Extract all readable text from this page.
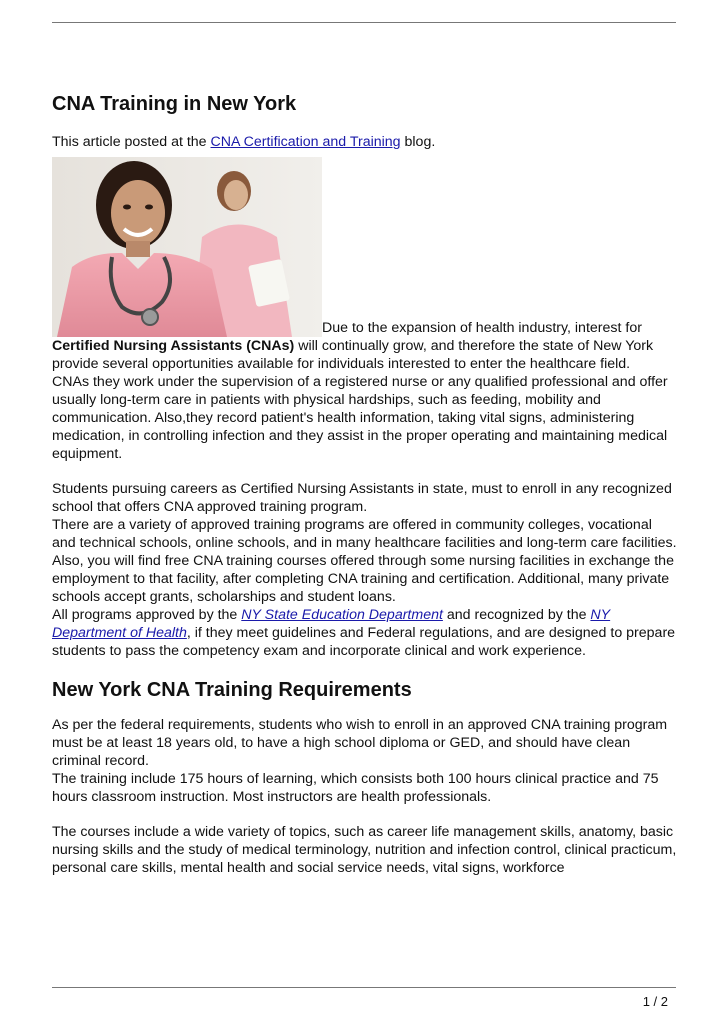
CNA Training in New York

This article posted at the CNA Certification and Training blog.

Due to the expansion of health industry, interest for Certified Nursing Assistants (CNAs) will continually grow, and therefore the state of New York provide several opportunities available for individuals interested to enter the healthcare field.

CNAs they work under the supervision of a registered nurse or any qualified professional and offer usually long-term care in patients with physical hardships, such as feeding, mobility and communication. Also,they record patient's health information, taking vital signs, administering medication, in controlling infection and they assist in the proper operating and maintaining medical equipment.

Students pursuing careers as Certified Nursing Assistants in state, must to enroll in any recognized school that offers CNA approved training program.

There are a variety of approved training programs are offered in community colleges, vocational and technical schools, online schools, and in many healthcare facilities and long-term care facilities.

Also, you will find free CNA training courses offered through some nursing facilities in exchange the employment to that facility, after completing CNA training and certification. Additional, many private schools accept grants, scholarships and student loans.

All programs approved by the NY State Education Department and recognized by the NY Department of Health, if they meet guidelines and Federal regulations, and are designed to prepare students to pass the competency exam and incorporate clinical and work experience.

New York CNA Training Requirements

As per the federal requirements, students who wish to enroll in an approved CNA training program must be at least 18 years old, to have a high school diploma or GED, and should have clean criminal record.

The training include 175 hours of learning, which consists both 100 hours clinical practice and 75 hours classroom instruction. Most instructors are health professionals.

The courses include a wide variety of topics, such as career life management skills, anatomy, basic nursing skills and the study of medical terminology, nutrition and infection control, clinical practicum, personal care skills, mental health and social service needs, vital signs, workforce

1 / 2
